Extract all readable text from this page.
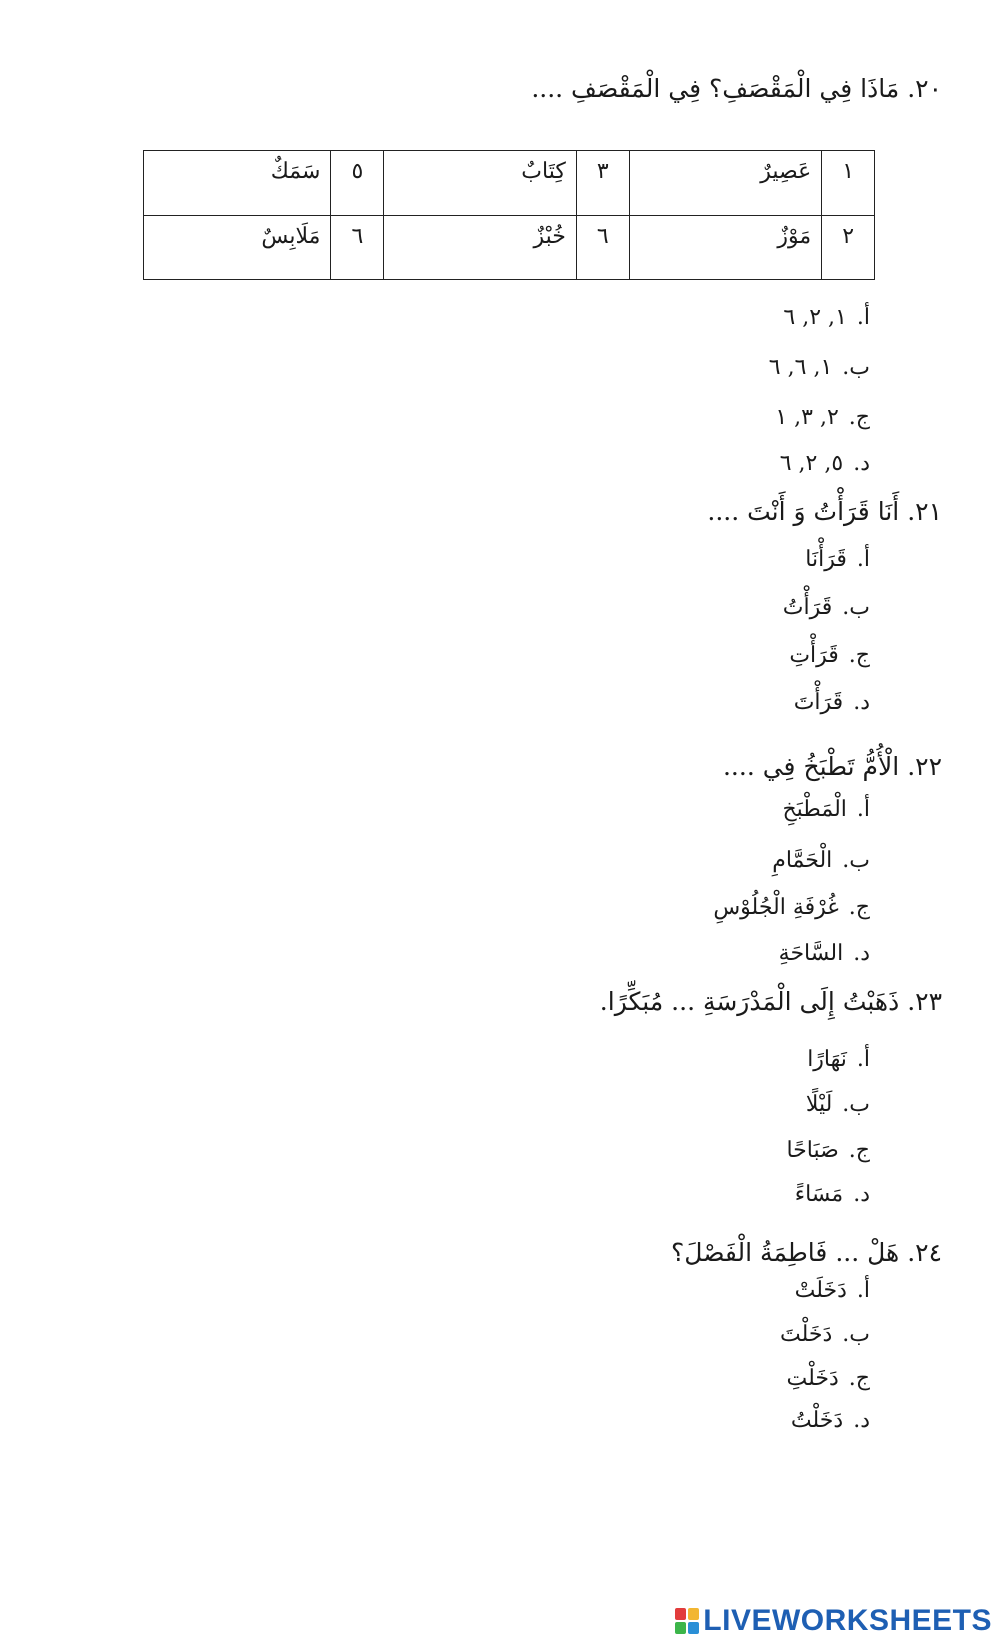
٢٠. مَاذَا فِي الْمَقْصَفِ؟ فِي الْمَقْصَفِ ....
١	عَصِيرٌ	٣	كِتَابٌ	٥	سَمَكٌ
٢	مَوْزٌ	٦	خُبْزٌ	٦	مَلَابِسٌ
أ.١, ٢, ٦
ب.١, ٦, ٦
ج.٢, ٣, ١
د.٥, ٢, ٦
٢١. أَنَا قَرَأْتُ وَ أَنْتَ ....
أ.قَرَأْنَا
ب.قَرَأْتُ
ج.قَرَأْتِ
د.قَرَأْتَ
٢٢. الْأُمُّ تَطْبَخُ فِي ....
أ.الْمَطْبَخِ
ب.الْحَمَّامِ
ج.غُرْفَةِ الْجُلُوْسِ
د.السَّاحَةِ
٢٣. ذَهَبْتُ إِلَى الْمَدْرَسَةِ ... مُبَكِّرًا.
أ.نَهَارًا
ب.لَيْلًا
ج.صَبَاحًا
د.مَسَاءً
٢٤. هَلْ ... فَاطِمَةُ الْفَصْلَ؟
أ.دَخَلَتْ
ب.دَخَلْتَ
ج.دَخَلْتِ
د.دَخَلْتُ
LIVEWORKSHEETS
